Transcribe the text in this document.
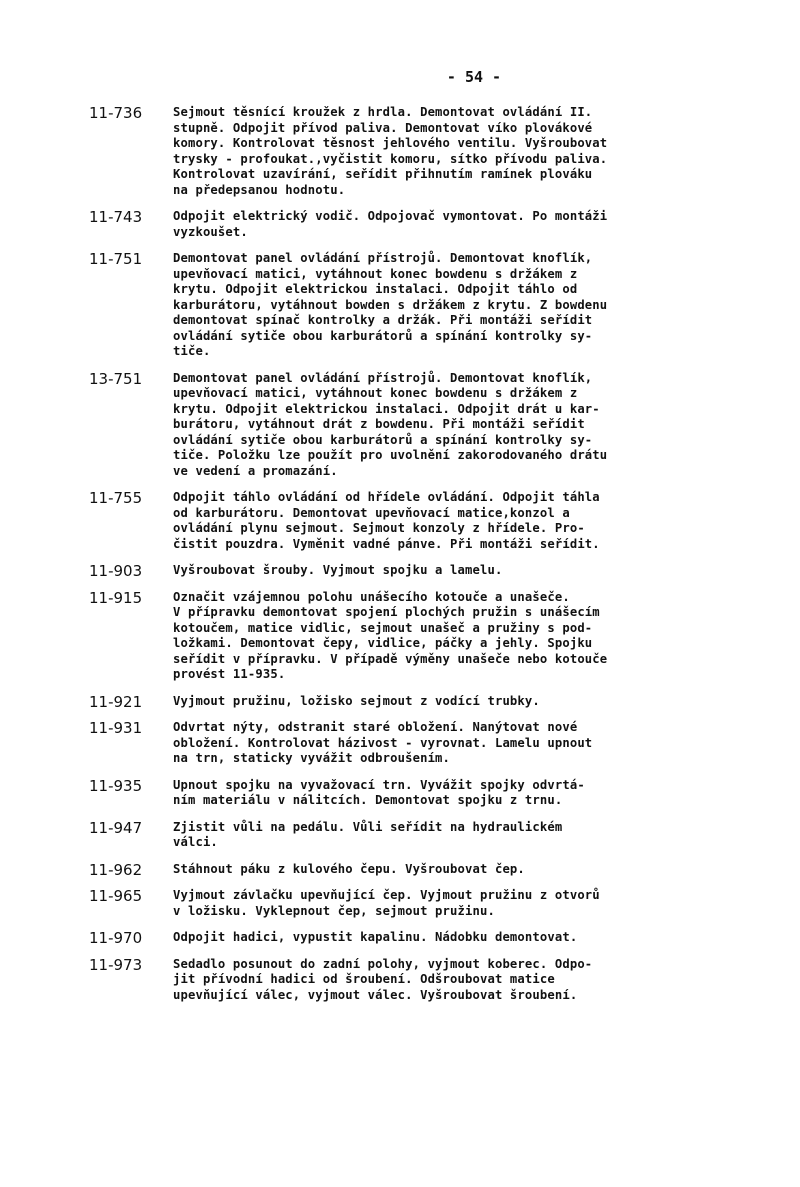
- 54 -
11-736	Sejmout těsnící kroužek z hrdla. Demontovat ovládání II.
stupně. Odpojit přívod paliva. Demontovat víko plovákové
komory. Kontrolovat těsnost jehlového ventilu. Vyšroubovat
trysky - profoukat.,vyčistit komoru, sítko přívodu paliva.
Kontrolovat uzavírání, seřídit přihnutím ramínek plováku
na předepsanou hodnotu.
11-743	Odpojit elektrický vodič. Odpojovač vymontovat. Po montáži
vyzkoušet.
11-751	Demontovat panel ovládání přístrojů. Demontovat knoflík,
upevňovací matici, vytáhnout konec bowdenu s držákem z
krytu. Odpojit elektrickou instalaci. Odpojit táhlo od
karburátoru, vytáhnout bowden s držákem z krytu. Z bowdenu
demontovat spínač kontrolky a držák. Při montáži seřídit
ovládání sytiče obou karburátorů a spínání kontrolky sy-
tiče.
13-751	Demontovat panel ovládání přístrojů. Demontovat knoflík,
upevňovací matici, vytáhnout konec bowdenu s držákem z
krytu. Odpojit elektrickou instalaci. Odpojit drát u kar-
burátoru, vytáhnout drát z bowdenu. Při montáži seřídit
ovládání sytiče obou karburátorů a spínání kontrolky sy-
tiče. Položku lze použít pro uvolnění zakorodovaného drátu
ve vedení a promazání.
11-755	Odpojit táhlo ovládání od hřídele ovládání. Odpojit táhla
od karburátoru. Demontovat upevňovací matice,konzol a
ovládání plynu sejmout. Sejmout konzoly z hřídele. Pro-
čistit pouzdra. Vyměnit vadné pánve. Při montáži seřídit.
11-903	Vyšroubovat šrouby. Vyjmout spojku a lamelu.
11-915	Označit vzájemnou polohu unášecího kotouče a unašeče.
V přípravku demontovat spojení plochých pružin s unášecím
kotoučem, matice vidlic, sejmout unašeč a pružiny s pod-
ložkami. Demontovat čepy, vidlice, páčky a jehly. Spojku
seřídit v přípravku. V případě výměny unašeče nebo kotouče
provést 11-935.
11-921	Vyjmout pružinu, ložisko sejmout z vodící trubky.
11-931	Odvrtat nýty, odstranit staré obložení. Nanýtovat nové
obložení. Kontrolovat házivost - vyrovnat. Lamelu upnout
na trn, staticky vyvážit odbroušením.
11-935	Upnout spojku na vyvažovací trn. Vyvážit spojky odvrtá-
ním materiálu v nálitcích. Demontovat spojku z trnu.
11-947	Zjistit vůli na pedálu. Vůli seřídit na hydraulickém
válci.
11-962	Stáhnout páku z kulového čepu. Vyšroubovat čep.
11-965	Vyjmout závlačku upevňující čep. Vyjmout pružinu z otvorů
v ložisku. Vyklepnout čep, sejmout pružinu.
11-970	Odpojit hadici, vypustit kapalinu. Nádobku demontovat.
11-973	Sedadlo posunout do zadní polohy, vyjmout koberec. Odpo-
jit přívodní hadici od šroubení. Odšroubovat matice
upevňující válec, vyjmout válec. Vyšroubovat šroubení.
